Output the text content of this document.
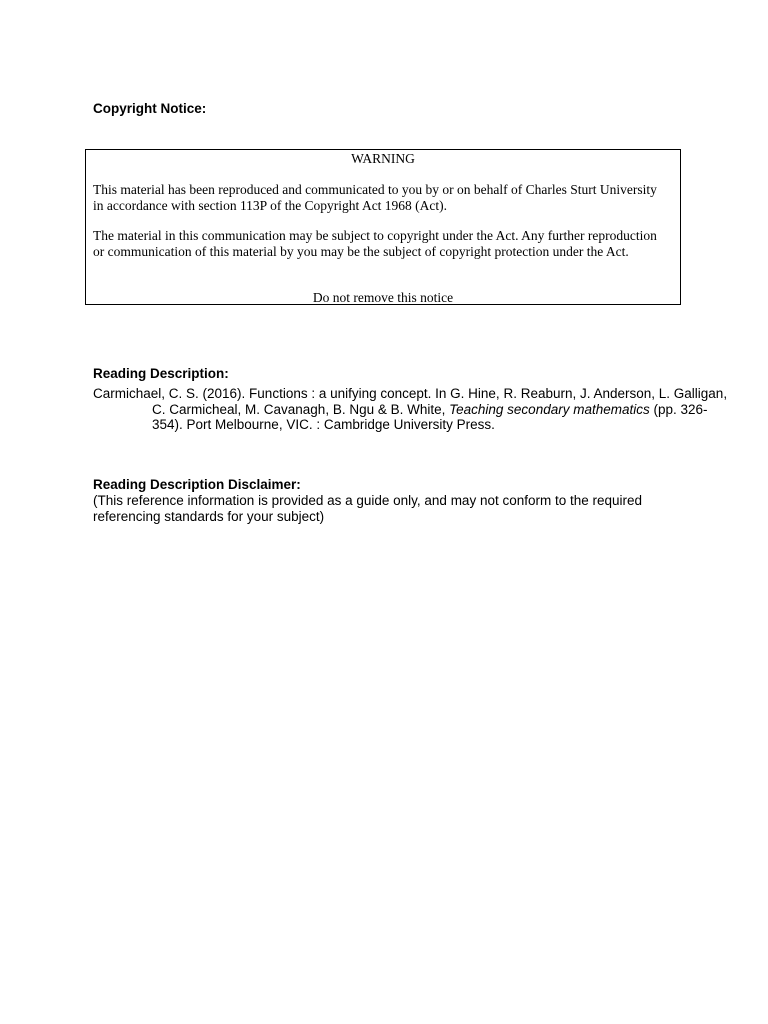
Copyright Notice:

WARNING

This material has been reproduced and communicated to you by or on behalf of Charles Sturt University in accordance with section 113P of the Copyright Act 1968 (Act).

The material in this communication may be subject to copyright under the Act. Any further reproduction or communication of this material by you may be the subject of copyright protection under the Act.

Do not remove this notice

Reading Description:

Carmichael, C. S. (2016). Functions : a unifying concept. In G. Hine, R. Reaburn, J. Anderson, L. Galligan, C. Carmicheal, M. Cavanagh, B. Ngu & B. White, Teaching secondary mathematics (pp. 326-354). Port Melbourne, VIC. : Cambridge University Press.

Reading Description Disclaimer:

(This reference information is provided as a guide only, and may not conform to the required referencing standards for your subject)
